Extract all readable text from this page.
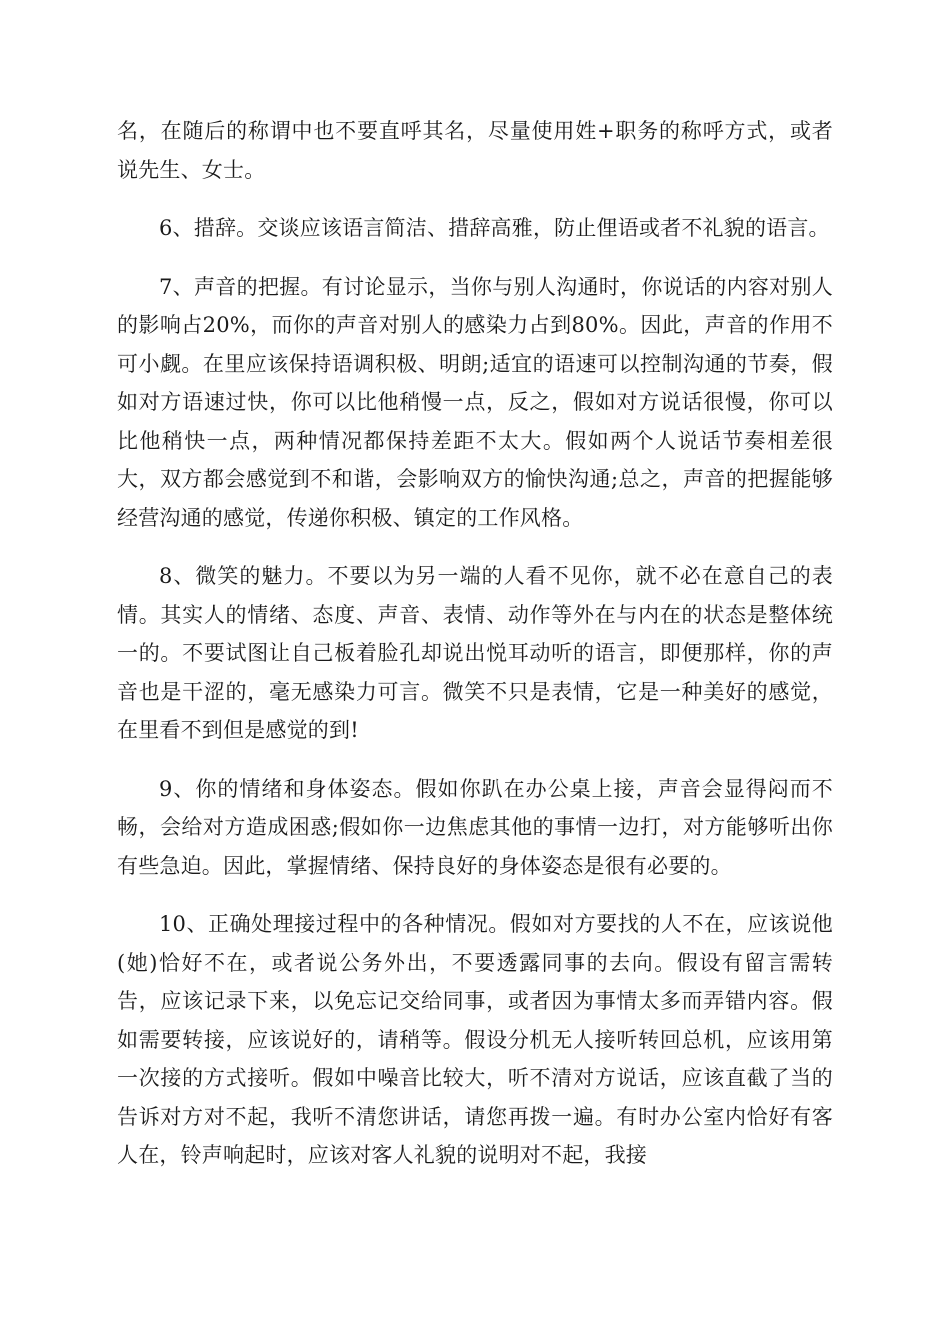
名，在随后的称谓中也不要直呼其名，尽量使用姓+职务的称呼方式，或者说先生、女士。

6、措辞。交谈应该语言简洁、措辞高雅，防止俚语或者不礼貌的语言。

7、声音的把握。有讨论显示，当你与别人沟通时，你说话的内容对别人的影响占20%，而你的声音对别人的感染力占到80%。因此，声音的作用不可小觑。在里应该保持语调积极、明朗;适宜的语速可以控制沟通的节奏，假如对方语速过快，你可以比他稍慢一点，反之，假如对方说话很慢，你可以比他稍快一点，两种情况都保持差距不太大。假如两个人说话节奏相差很大，双方都会感觉到不和谐，会影响双方的愉快沟通;总之，声音的把握能够经营沟通的感觉，传递你积极、镇定的工作风格。

8、微笑的魅力。不要以为另一端的人看不见你，就不必在意自己的表情。其实人的情绪、态度、声音、表情、动作等外在与内在的状态是整体统一的。不要试图让自己板着脸孔却说出悦耳动听的语言，即便那样，你的声音也是干涩的，毫无感染力可言。微笑不只是表情，它是一种美好的感觉，在里看不到但是感觉的到!

9、你的情绪和身体姿态。假如你趴在办公桌上接，声音会显得闷而不畅，会给对方造成困惑;假如你一边焦虑其他的事情一边打，对方能够听出你有些急迫。因此，掌握情绪、保持良好的身体姿态是很有必要的。

10、正确处理接过程中的各种情况。假如对方要找的人不在，应该说他(她)恰好不在，或者说公务外出，不要透露同事的去向。假设有留言需转告，应该记录下来，以免忘记交给同事，或者因为事情太多而弄错内容。假如需要转接，应该说好的，请稍等。假设分机无人接听转回总机，应该用第一次接的方式接听。假如中噪音比较大，听不清对方说话，应该直截了当的告诉对方对不起，我听不清您讲话，请您再拨一遍。有时办公室内恰好有客人在，铃声响起时，应该对客人礼貌的说明对不起，我接
